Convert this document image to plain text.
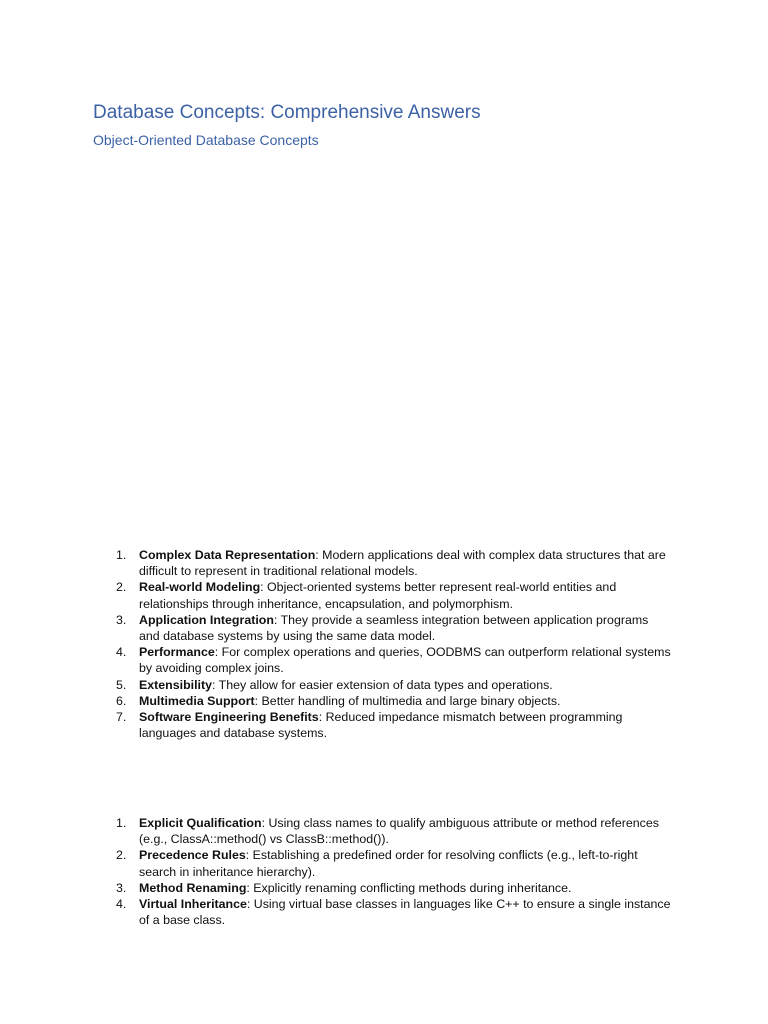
Database Concepts: Comprehensive Answers
Object-Oriented Database Concepts
1. Complex Data Representation: Modern applications deal with complex data structures that are difficult to represent in traditional relational models.
2. Real-world Modeling: Object-oriented systems better represent real-world entities and relationships through inheritance, encapsulation, and polymorphism.
3. Application Integration: They provide a seamless integration between application programs and database systems by using the same data model.
4. Performance: For complex operations and queries, OODBMS can outperform relational systems by avoiding complex joins.
5. Extensibility: They allow for easier extension of data types and operations.
6. Multimedia Support: Better handling of multimedia and large binary objects.
7. Software Engineering Benefits: Reduced impedance mismatch between programming languages and database systems.
1. Explicit Qualification: Using class names to qualify ambiguous attribute or method references (e.g., ClassA::method() vs ClassB::method()).
2. Precedence Rules: Establishing a predefined order for resolving conflicts (e.g., left-to-right search in inheritance hierarchy).
3. Method Renaming: Explicitly renaming conflicting methods during inheritance.
4. Virtual Inheritance: Using virtual base classes in languages like C++ to ensure a single instance of a base class.
